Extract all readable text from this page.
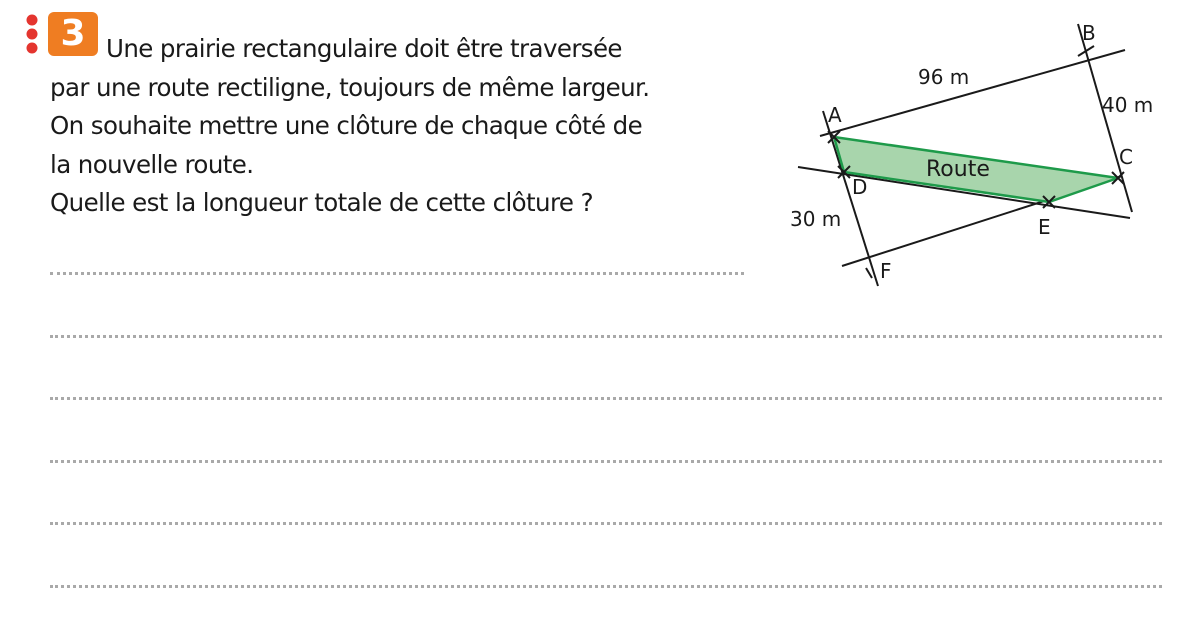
3 Une prairie rectangulaire doit être traversée
par une route rectiligne, toujours de même largeur.
On souhaite mettre une clôture de chaque côté de
la nouvelle route.
Quelle est la longueur totale de cette clôture ?
A
B
C
D
E
F
96 m
40 m
30 m
Route
